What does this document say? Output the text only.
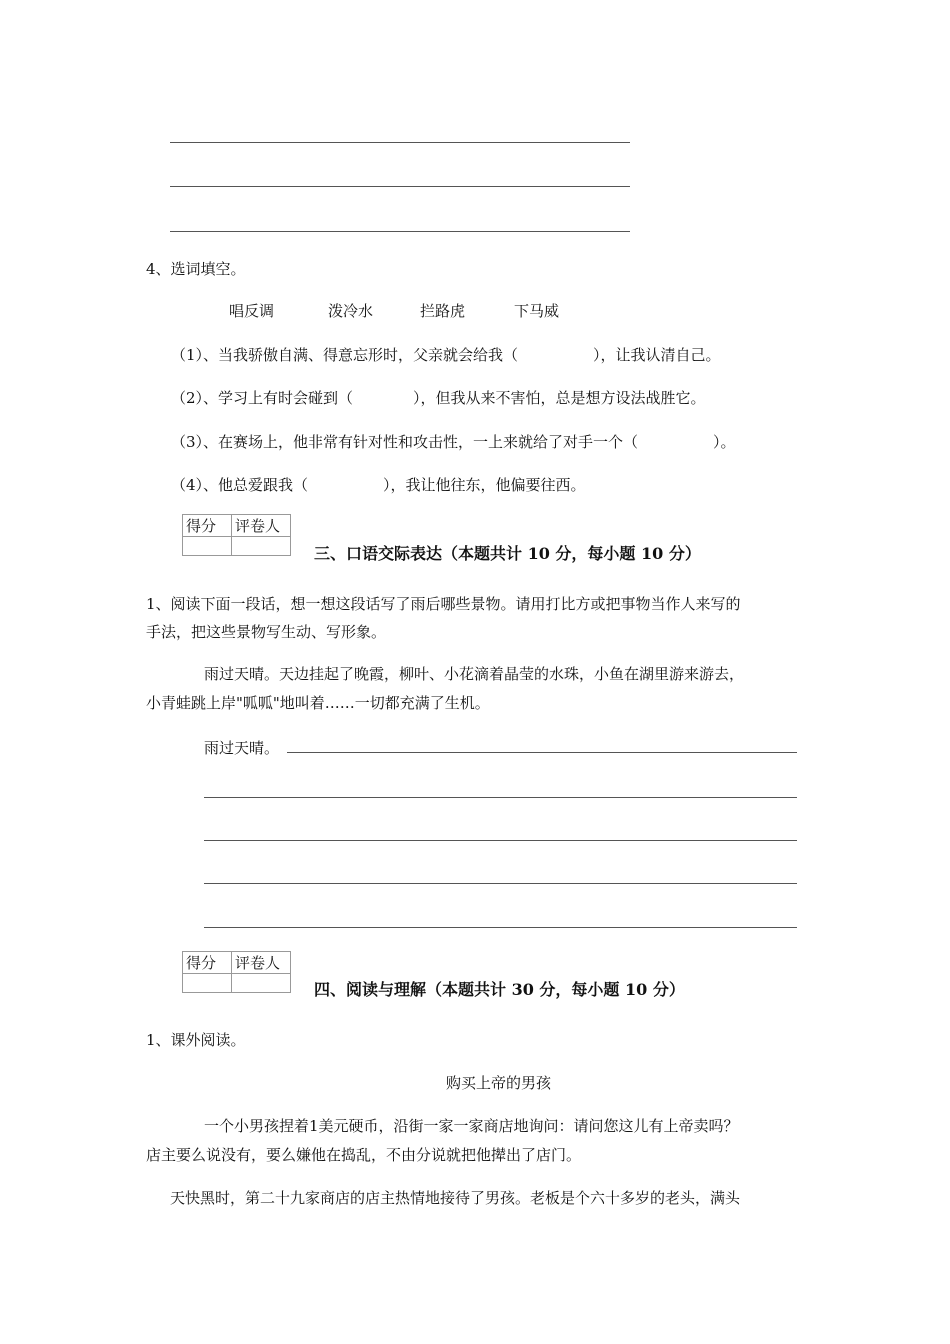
4、选词填空。
唱反调	泼冷水	拦路虎	下马威
（1）、当我骄傲自满、得意忘形时，父亲就会给我（　　　　　），让我认清自己。
（2）、学习上有时会碰到（　　　　），但我从来不害怕，总是想方设法战胜它。
（3）、在赛场上，他非常有针对性和攻击性，一上来就给了对手一个（　　　　　）。
（4）、他总爱跟我（　　　　　），我让他往东，他偏要往西。
得分	评卷人

三、口语交际表达（本题共计 10 分，每小题 10 分）
1、阅读下面一段话，想一想这段话写了雨后哪些景物。请用打比方或把事物当作人来写的
手法，把这些景物写生动、写形象。
雨过天晴。天边挂起了晚霞，柳叶、小花滴着晶莹的水珠，小鱼在湖里游来游去，
小青蛙跳上岸"呱呱"地叫着……一切都充满了生机。
雨过天晴。
得分	评卷人

四、阅读与理解（本题共计 30 分，每小题 10 分）
1、课外阅读。
购买上帝的男孩
一个小男孩捏着1美元硬币，沿街一家一家商店地询问：请问您这儿有上帝卖吗？
店主要么说没有，要么嫌他在捣乱，不由分说就把他撵出了店门。
天快黑时，第二十九家商店的店主热情地接待了男孩。老板是个六十多岁的老头，满头
